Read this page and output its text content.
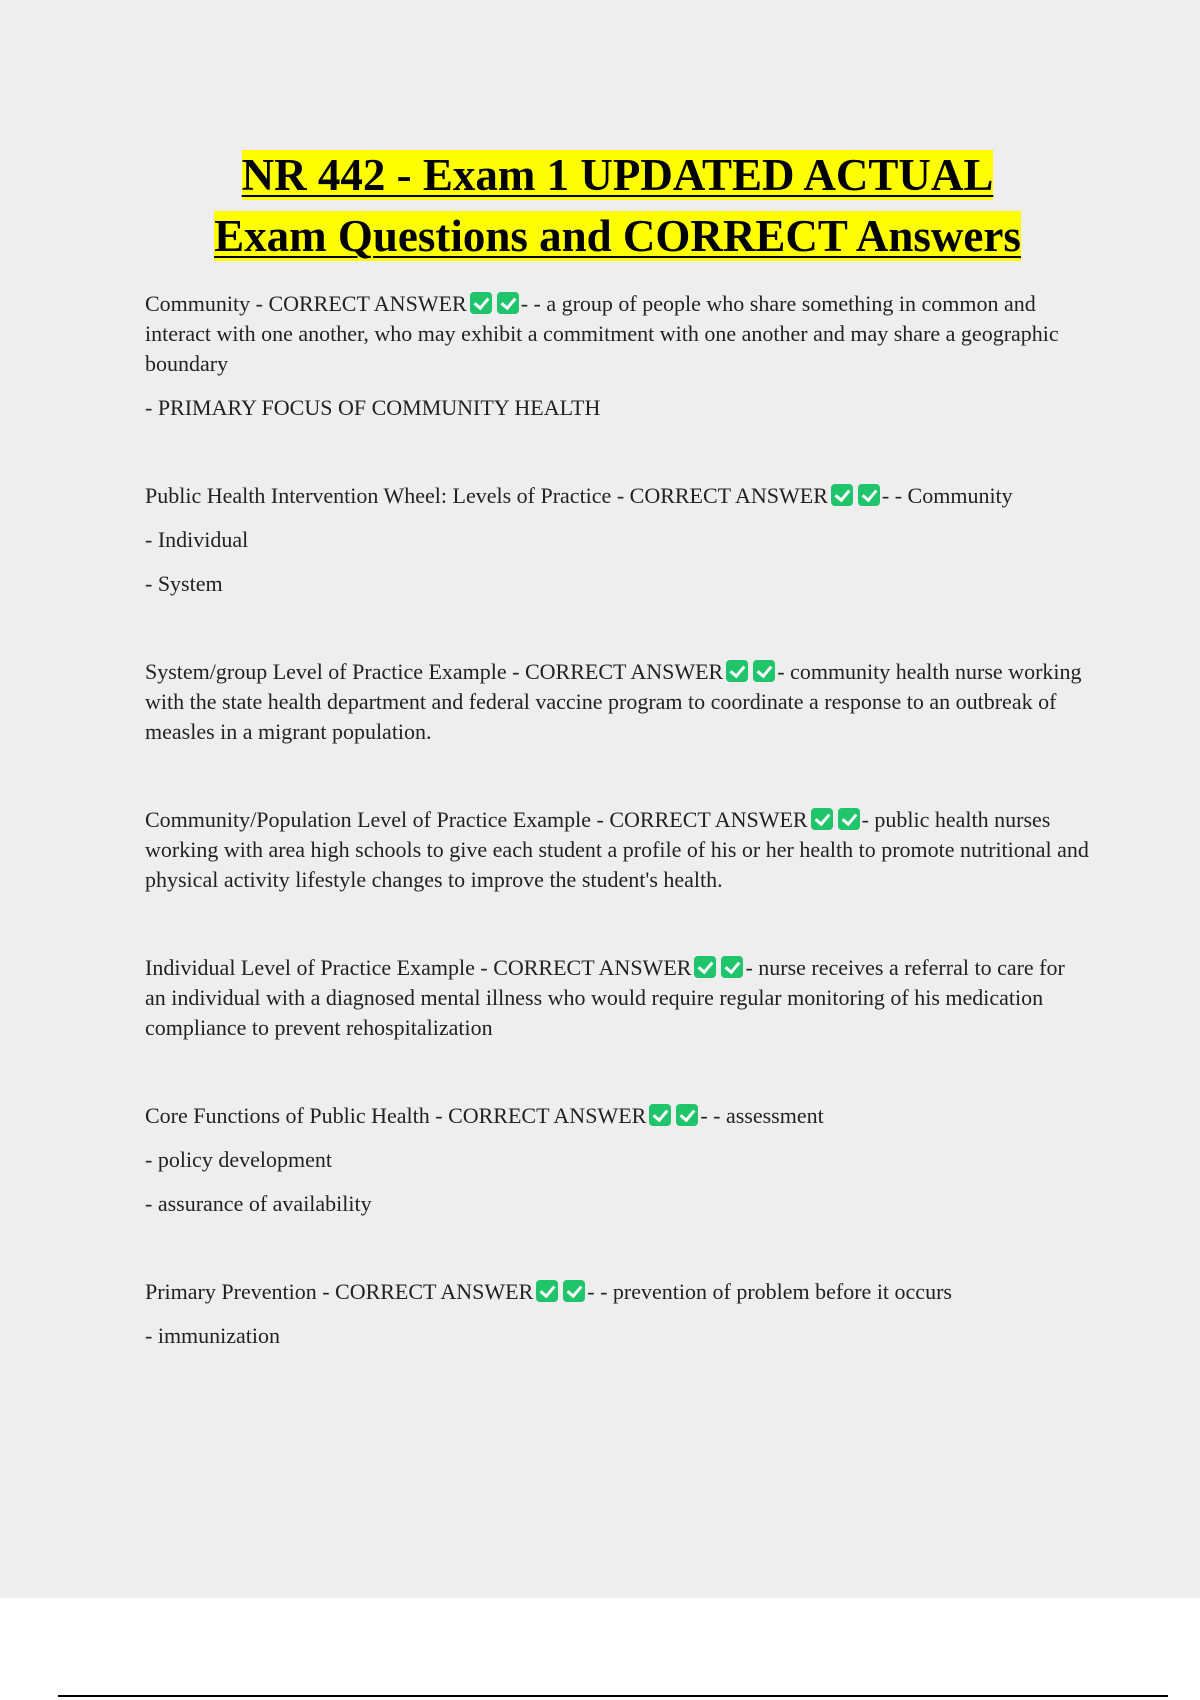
NR 442 - Exam 1 UPDATED ACTUAL
Exam Questions and CORRECT Answers

Community - CORRECT ANSWER - - a group of people who share something in common and interact with one another, who may exhibit a commitment with one another and may share a geographic boundary

- PRIMARY FOCUS OF COMMUNITY HEALTH

Public Health Intervention Wheel: Levels of Practice - CORRECT ANSWER - - Community

- Individual

- System

System/group Level of Practice Example - CORRECT ANSWER - community health nurse working with the state health department and federal vaccine program to coordinate a response to an outbreak of measles in a migrant population.

Community/Population Level of Practice Example - CORRECT ANSWER - public health nurses working with area high schools to give each student a profile of his or her health to promote nutritional and physical activity lifestyle changes to improve the student's health.

Individual Level of Practice Example - CORRECT ANSWER - nurse receives a referral to care for an individual with a diagnosed mental illness who would require regular monitoring of his medication compliance to prevent rehospitalization

Core Functions of Public Health - CORRECT ANSWER - - assessment

- policy development

- assurance of availability

Primary Prevention - CORRECT ANSWER - - prevention of problem before it occurs

- immunization
